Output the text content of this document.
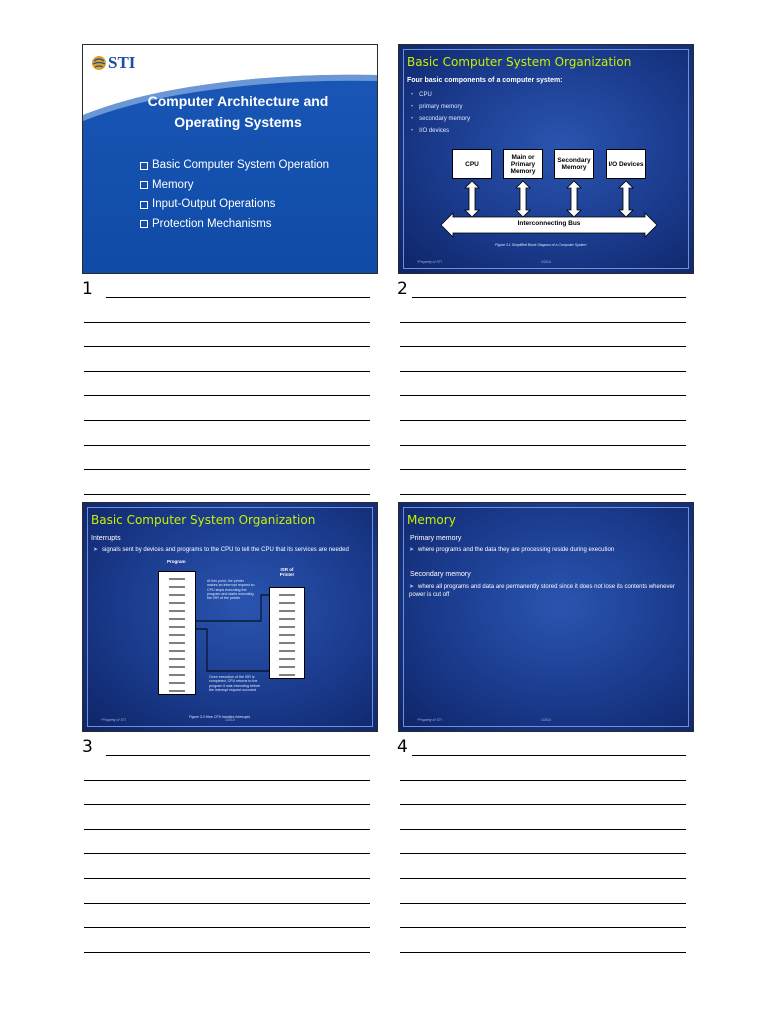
STI
Computer Architecture and Operating Systems
Basic Computer System Operation
Memory
Input-Output Operations
Protection Mechanisms
Basic Computer System Organization
Four basic components of a computer system:
• CPU
• primary memory
• secondary memory
• I/O devices
CPU
Main or Primary Memory
Secondary Memory	I/O Devices
Interconnecting Bus
Figure 3.1 Simplified Block Diagram of a Computer System
*Property of STI	1/3/14
Basic Computer System Organization
Interrupts
➤ signals sent by devices and programs to the CPU to tell the CPU that its services are needed
Program
ISR of Printer
At this point, the printer makes an interrupt request so CPU stops executing the program and starts executing the ISR of the printer
Once execution of the ISR is completed, CPU returns to the program it was executing before the interrupt request occurred
Figure 3.3 How CPU handles Interrupts
*Property of STI	1/3/14
Memory
Primary memory
➤ where programs and the data they are processing reside during execution
Secondary memory
➤ where all programs and data are permanently stored since it does not lose its contents whenever power is cut off
*Property of STI	1/3/14
1	2
3	4
